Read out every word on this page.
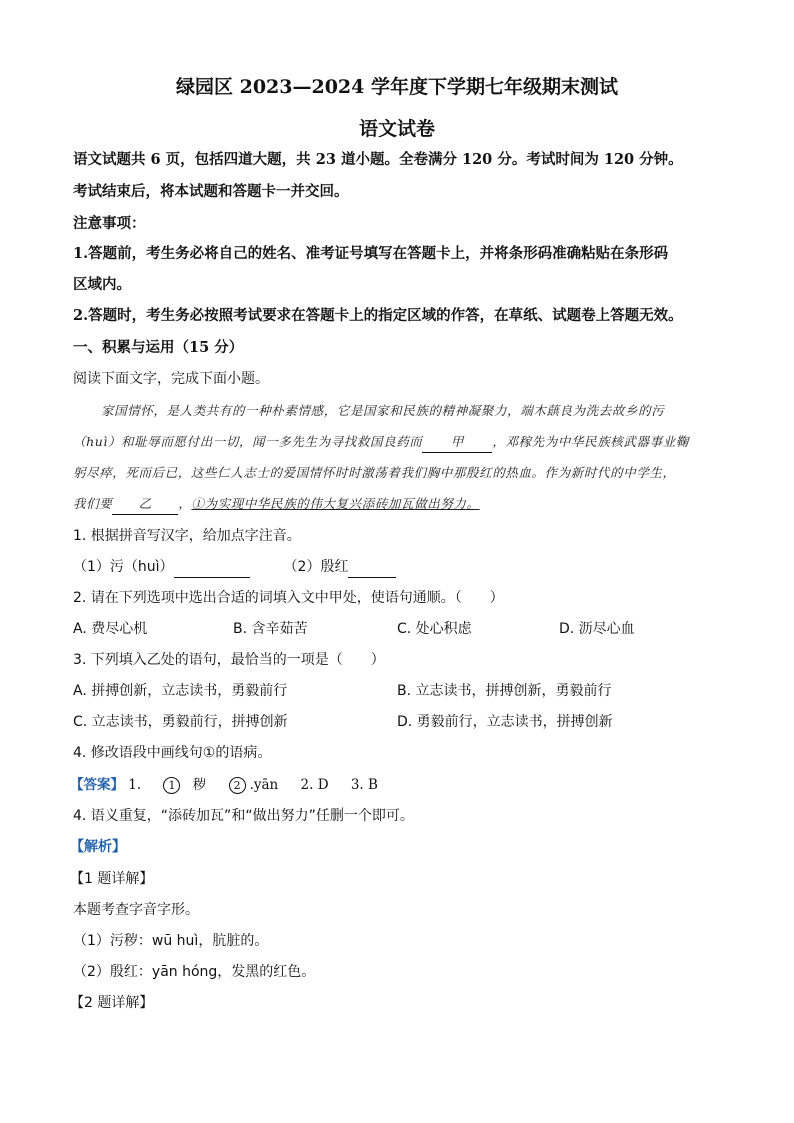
绿园区 2023—2024 学年度下学期七年级期末测试
语文试卷
语文试题共 6 页，包括四道大题，共 23 道小题。全卷满分 120 分。考试时间为 120 分钟。
考试结束后，将本试题和答题卡一并交回。
注意事项：
1.答题前，考生务必将自己的姓名、准考证号填写在答题卡上，并将条形码准确粘贴在条形码
区域内。
2.答题时，考生务必按照考试要求在答题卡上的指定区域的作答，在草纸、试题卷上答题无效。
一、积累与运用（15 分）
阅读下面文字，完成下面小题。
家国情怀，是人类共有的一种朴素情感，它是国家和民族的精神凝聚力，端木蕻良为洗去故乡的污
（huì）和耻辱而愿付出一切，闻一多先生为寻找救国良药而 甲 ，邓稼先为中华民族核武器事业鞠
躬尽瘁，死而后已，这些仁人志士的爱国情怀时时激荡着我们胸中那殷红的热血。作为新时代的中学生，
我们要 乙 ，①为实现中华民族的伟大复兴添砖加瓦做出努力。
1. 根据拼音写汉字，给加点字注音。
（1）污（huì）	（2）殷红
2. 请在下列选项中选出合适的词填入文中甲处，使语句通顺。（　　）
A. 费尽心机	B. 含辛茹苦	C. 处心积虑	D. 沥尽心血
3. 下列填入乙处的语句，最恰当的一项是（　　）
A. 拼搏创新，立志读书，勇毅前行	B. 立志读书，拼搏创新，勇毅前行
C. 立志读书，勇毅前行，拼搏创新	D. 勇毅前行，立志读书，拼搏创新
4. 修改语段中画线句①的语病。
【答案】 1. 1 秽 2 .yān 2. D 3. B
4. 语义重复，“添砖加瓦”和“做出努力”任删一个即可。
【解析】
【1 题详解】
本题考查字音字形。
（1）污秽：wū huì，肮脏的。
（2）殷红：yān hóng，发黑的红色。
【2 题详解】
